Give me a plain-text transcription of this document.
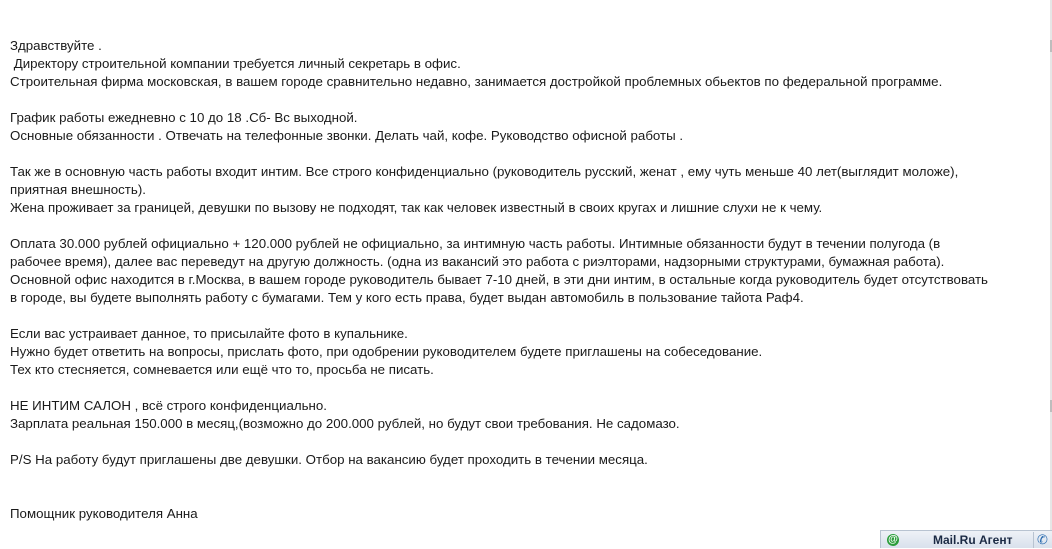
Здравствуйте .

Директору строительной компании требуется личный секретарь в офис.

Строительная фирма московская, в вашем городе сравнительно недавно, занимается достройкой проблемных обьектов по федеральной программе.

График работы ежедневно с 10 до 18 .Сб- Вс выходной.

Основные обязанности . Отвечать на телефонные звонки. Делать чай, кофе. Руководство офисной работы .

Так же в основную часть работы входит интим. Все строго конфиденциально (руководитель русский, женат , ему чуть меньше 40 лет(выглядит моложе),

приятная внешность).

Жена проживает за границей, девушки по вызову не подходят, так как человек известный в своих кругах и лишние слухи не к чему.

Оплата 30.000 рублей официально + 120.000 рублей не официально, за интимную часть работы. Интимные обязанности будут в течении полугода (в

рабочее время), далее вас переведут на другую должность. (одна из вакансий это работа с риэлторами, надзорными структурами, бумажная работа).

Основной офис находится в г.Москва, в вашем городе руководитель бывает 7-10 дней, в эти дни интим, в остальные когда руководитель будет отсутствовать

в городе, вы будете выполнять работу с бумагами. Тем у кого есть права, будет выдан автомобиль в пользование тайота Раф4.

Если вас устраивает данное, то присылайте фото в купальнике.

Нужно будет ответить на вопросы, прислать фото, при одобрении руководителем будете приглашены на собеседование.

Тех кто стесняется, сомневается или ещё что то, просьба не писать.

НЕ ИНТИМ САЛОН , всё строго конфиденциально.

Зарплата реальная 150.000 в месяц,(возможно до 200.000 рублей, но будут свои требования. Не садомазо.

P/S На работу будут приглашены две девушки. Отбор на вакансию будет проходить в течении месяца.

Помощник руководителя Анна

@	Mail.Ru Агент ✆
